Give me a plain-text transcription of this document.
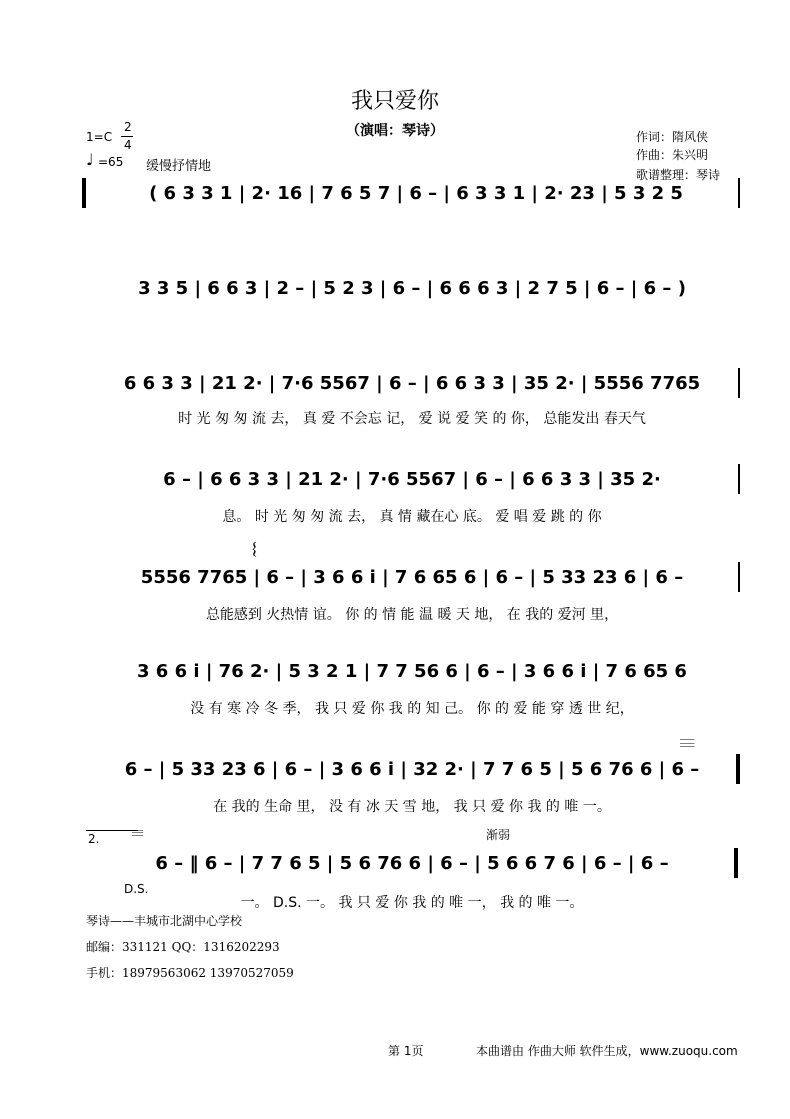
我只爱你
（演唱：琴诗）
1=C
2
4
♩ =65 缓慢抒情地
作词：隋风侠
作曲：朱兴明
歌谱整理：琴诗
( 6 3 3 1 | 2· 16 | 7 6 5 7 | 6 – | 6 3 3 1 | 2· 23 | 5 3 2 5
3 3 5 | 6 6 3 | 2 – | 5 2 3 | 6 – | 6 6 6 3 | 2 7 5 | 6 – | 6 – )
6 6 3 3 | 21 2· | 7·6 5567 | 6 – | 6 6 3 3 | 35 2· | 5556 7765
时 光 匆 匆 流 去， 真 爱 不会忘 记， 爱 说 爱 笑 的 你， 总能发出 春天气
6 – | 6 6 3 3 | 21 2· | 7·6 5567 | 6 – | 6 6 3 3 | 35 2·
息。 时 光 匆 匆 流 去， 真 情 藏在心 底。 爱 唱 爱 跳 的 你
𝄔
5556 7765 | 6 – | 3 6 6 i | 7 6 65 6 | 6 – | 5 33 23 6 | 6 –
总能感到 火热情 谊。 你 的 情 能 温 暖 天 地， 在 我的 爱河 里，
3 6 6 i | 76 2· | 5 3 2 1 | 7 7 56 6 | 6 – | 3 6 6 i | 7 6 65 6
没 有 寒 冷 冬 季， 我 只 爱 你 我 的 知 己。 你 的 爱 能 穿 透 世 纪，
𝄘
6 – | 5 33 23 6 | 6 – | 3 6 6 i | 32 2· | 7 7 6 5 | 5 6 76 6 | 6 –
在 我的 生命 里， 没 有 冰 天 雪 地， 我 只 爱 你 我 的 唯 一。
2. 𝄘	渐弱
6 – ‖ 6 – | 7 7 6 5 | 5 6 76 6 | 6 – | 5 6 6 7 6 | 6 – | 6 –
D.S.
一。 D.S. 一。 我 只 爱 你 我 的 唯 一， 我 的 唯 一。
琴诗——丰城市北湖中心学校
邮编：331121 QQ：1316202293
手机：18979563062 13970527059
第 1页	本曲谱由 作曲大师 软件生成，www.zuoqu.com
